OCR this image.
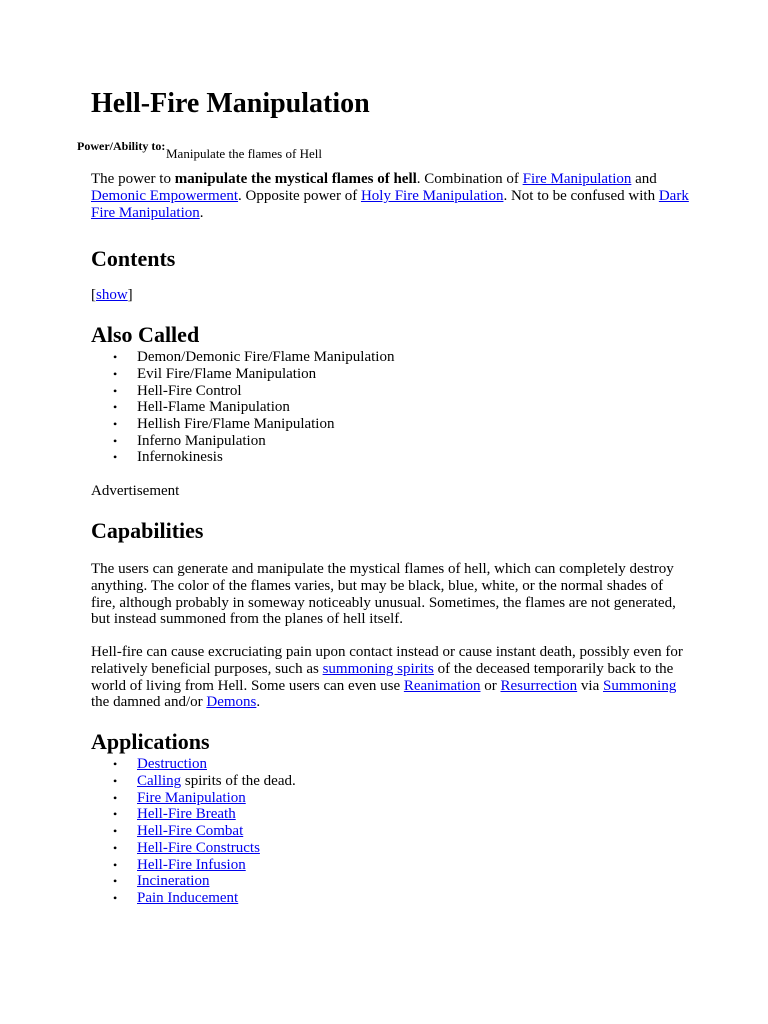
Hell-Fire Manipulation
Power/Ability to: Manipulate the flames of Hell

The power to manipulate the mystical flames of hell. Combination of Fire Manipulation and Demonic Empowerment. Opposite power of Holy Fire Manipulation. Not to be confused with Dark Fire Manipulation.

Contents

[show]

Also Called
• Demon/Demonic Fire/Flame Manipulation
• Evil Fire/Flame Manipulation
• Hell-Fire Control
• Hell-Flame Manipulation
• Hellish Fire/Flame Manipulation
• Inferno Manipulation
• Infernokinesis

Advertisement

Capabilities

The users can generate and manipulate the mystical flames of hell, which can completely destroy anything. The color of the flames varies, but may be black, blue, white, or the normal shades of fire, although probably in someway noticeably unusual. Sometimes, the flames are not generated, but instead summoned from the planes of hell itself.

Hell-fire can cause excruciating pain upon contact instead or cause instant death, possibly even for relatively beneficial purposes, such as summoning spirits of the deceased temporarily back to the world of living from Hell. Some users can even use Reanimation or Resurrection via Summoning the damned and/or Demons.

Applications
• Destruction
• Calling spirits of the dead.
• Fire Manipulation
• Hell-Fire Breath
• Hell-Fire Combat
• Hell-Fire Constructs
• Hell-Fire Infusion
• Incineration
• Pain Inducement
